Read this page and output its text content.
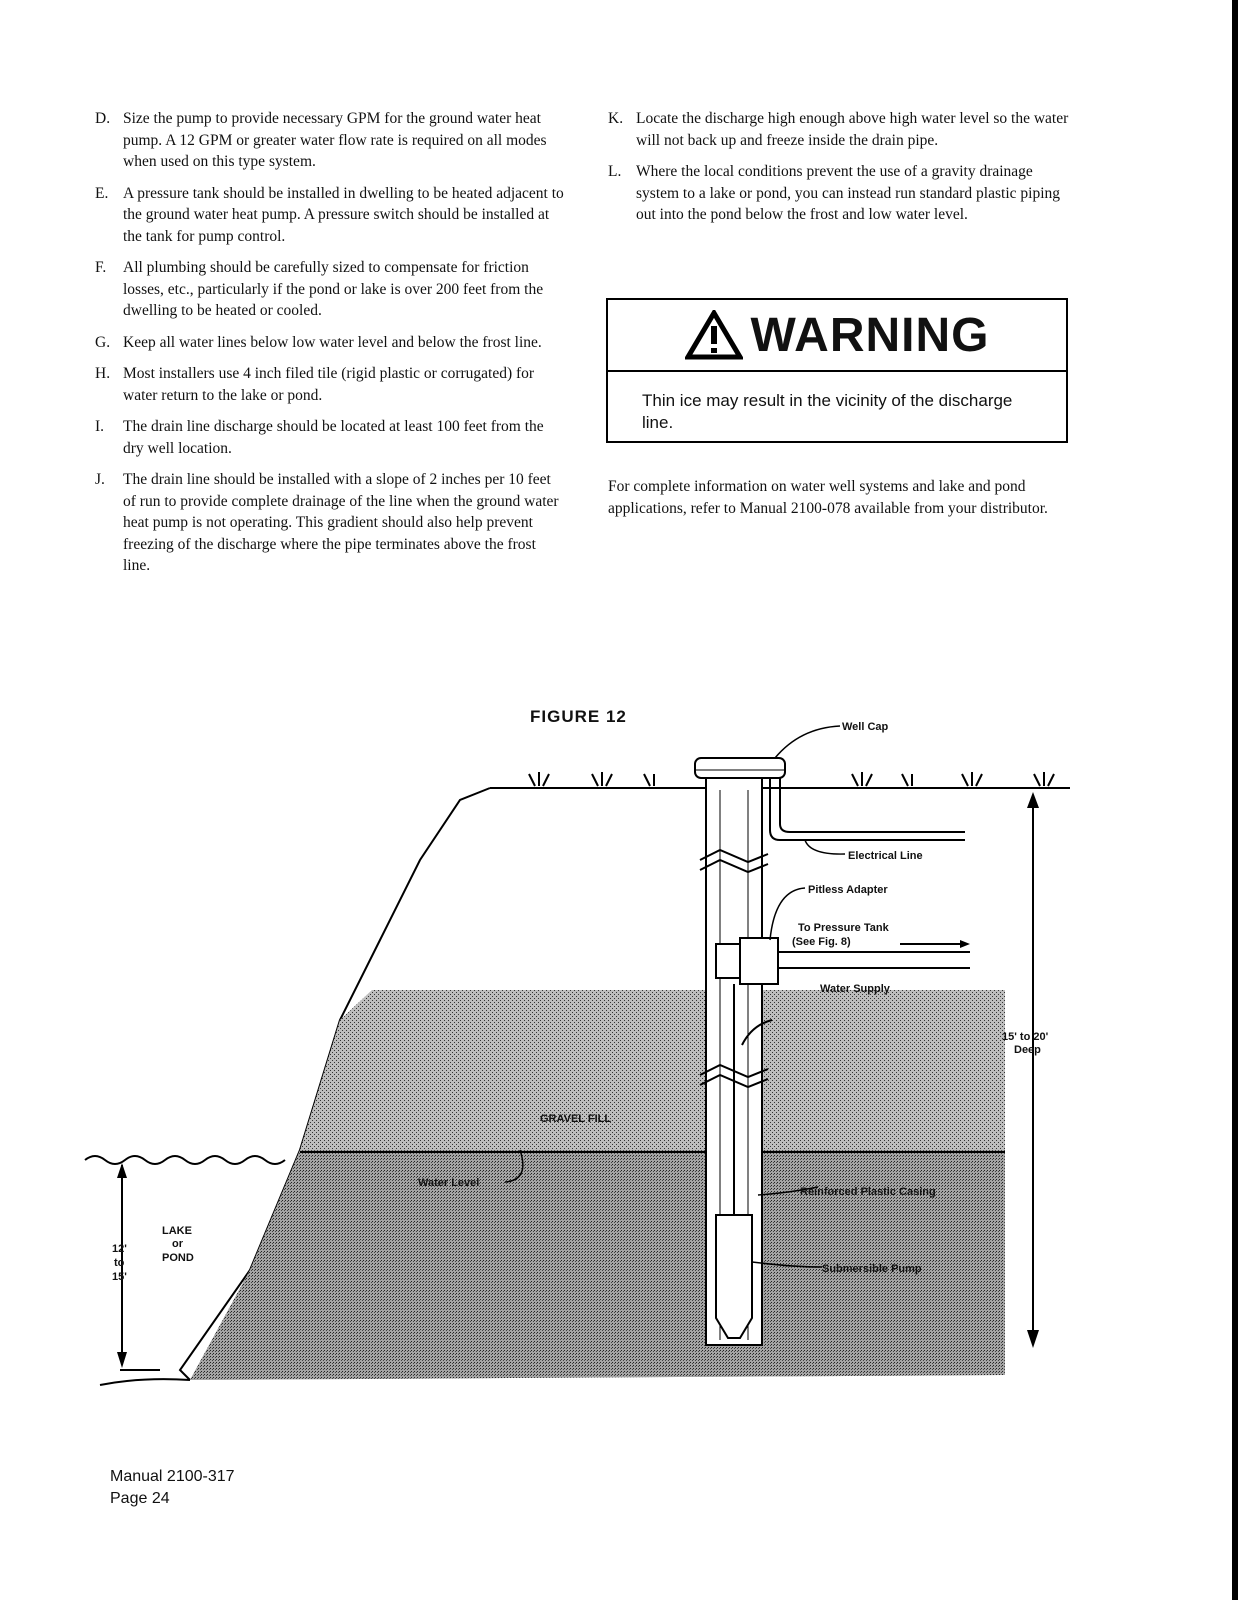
D. Size the pump to provide necessary GPM for the ground water heat pump. A 12 GPM or greater water flow rate is required on all modes when used on this type system.
E. A pressure tank should be installed in dwelling to be heated adjacent to the ground water heat pump. A pressure switch should be installed at the tank for pump control.
F.	All plumbing should be carefully sized to compensate for friction losses, etc., particularly if the pond or lake is over 200 feet from the dwelling to be heated or cooled.
G. Keep all water lines below low water level and below the frost line.
H. Most installers use 4 inch filed tile (rigid plastic or corrugated) for water return to the lake or pond.
I.	The drain line discharge should be located at least 100 feet from the dry well location.
J.	The drain line should be installed with a slope of 2 inches per 10 feet of run to provide complete drainage of the line when the ground water heat pump is not operating. This gradient should also help prevent freezing of the discharge where the pipe terminates above the frost line.
K. Locate the discharge high enough above high water level so the water will not back up and freeze inside the drain pipe.
L. Where the local conditions prevent the use of a gravity drainage system to a lake or pond, you can instead run standard plastic piping out into the pond below the frost and low water level.
WARNING
Thin ice may result in the vicinity of the discharge line.
For complete information on water well systems and lake and pond applications, refer to Manual 2100-078 available from your distributor.
FIGURE 12
Well Cap
Electrical Line
Pitless Adapter
To Pressure Tank
(See Fig. 8)
Water Supply
GRAVEL FILL
Water Level
Reinforced Plastic Casing
Submersible Pump
15' to 20'
Deep
LAKE
or
POND
12'
to
15'
Manual 2100-317
Page 24
